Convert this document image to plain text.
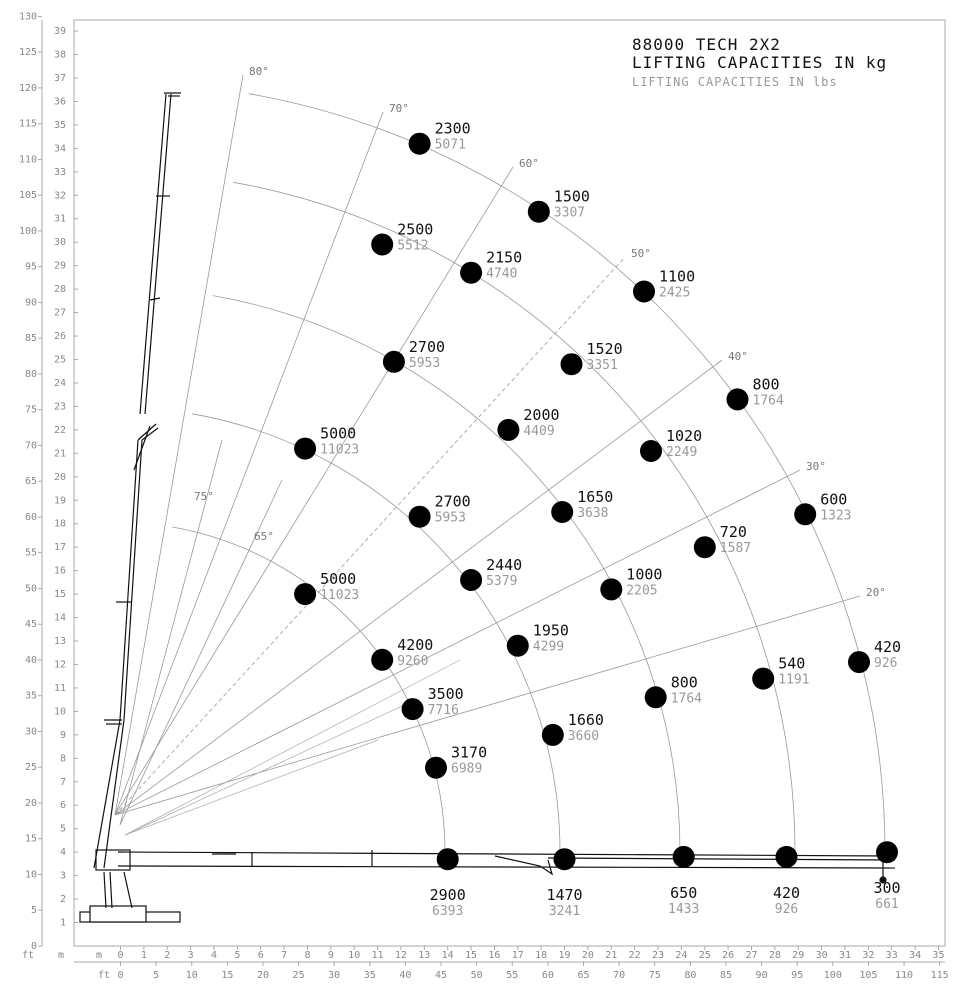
0
5
10
15
20
25
30
35
40
45
50
55
60
65
70
75
80
85
90
95
100
105
110
115
120
125
130
1
2
3
4
5
6
7
8
9
10
11
12
13
14
15
16
17
18
19
20
21
22
23
24
25
26
27
28
29
30
31
32
33
34
35
36
37
38
39
0 1 2 3 4 5 6 7 8 9 10 11 12 13 14 15 16 17 18 19 20 21 22 23 24 25 26 27 28 29 30 31 32 33 34 35
0	5	10 15 20 25 30 35 40 45 50 55 60 65 70 75 80 85 90 95 100 105 110 115
80°
70°
60°
50°
40°
30°
20°
75°
65°
88000 TECH 2X2
LIFTING CAPACITIES IN kg
LIFTING CAPACITIES IN lbs
ft m	m
ft
2900
6393
1470
3241
650
1433
420
926
300
661
3170
6989
3500
7716
4200
9260
5000
11023
5000
11023
1950
4299
1660
3660
2440
5379
2700
5953
2700
5953
2000
4409
1650
3638
1000
2205
800
1764
1520
3351
1020
2249
720
1587
540
1191
2150
4740
2500
5512
2300
5071
1500
3307
1100
2425
800
1764
600
1323
420
926
